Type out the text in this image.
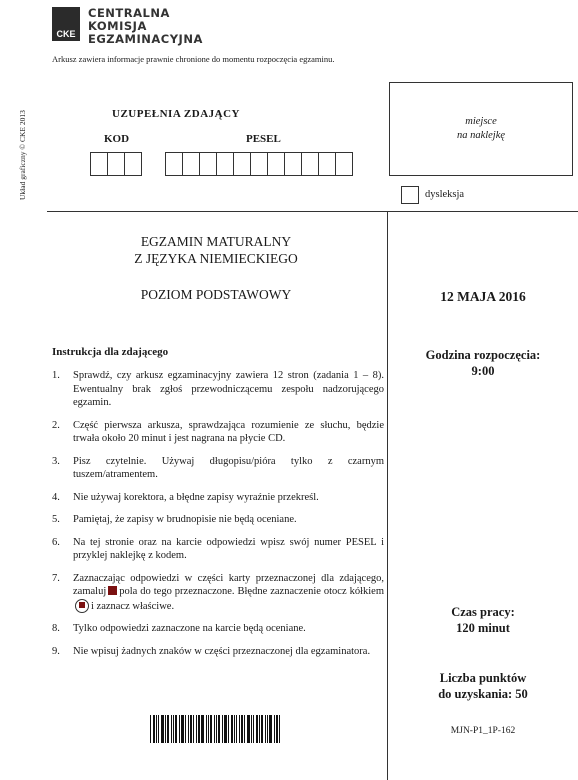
CKE
CENTRALNA
KOMISJA
EGZAMINACYJNA
Arkusz zawiera informacje prawnie chronione do momentu rozpoczęcia egzaminu.
Układ graficzny © CKE 2013	UZUPEŁNIA ZDAJĄCY
KOD	PESEL
miejsce
na naklejkę
dysleksja
EGZAMIN MATURALNY
Z JĘZYKA NIEMIECKIEGO
POZIOM PODSTAWOWY	12 MAJA 2016
Instrukcja dla zdającego
1.	Sprawdź, czy arkusz egzaminacyjny zawiera 12 stron (zadania 1 – 8). Ewentualny brak zgłoś przewodniczącemu zespołu nadzorującego egzamin.
2.	Część pierwsza arkusza, sprawdzająca rozumienie ze słuchu, będzie trwała około 20 minut i jest nagrana na płycie CD.
3.	Pisz czytelnie. Używaj długopisu/pióra tylko z czarnym tuszem/atramentem.
4.	Nie używaj korektora, a błędne zapisy wyraźnie przekreśl.
5.	Pamiętaj, że zapisy w brudnopisie nie będą oceniane.
6.	Na tej stronie oraz na karcie odpowiedzi wpisz swój numer PESEL i przyklej naklejkę z kodem.
7.	Zaznaczając odpowiedzi w części karty przeznaczonej dla zdającego, zamaluj pola do tego przeznaczone. Błędne zaznaczenie otocz kółkiemi zaznacz właściwe.
8.	Tylko odpowiedzi zaznaczone na karcie będą oceniane.
9.	Nie wpisuj żadnych znaków w części przeznaczonej dla egzaminatora.
Godzina rozpoczęcia:
9:00
Czas pracy:
120 minut
Liczba punktów
do uzyskania: 50
MJN-P1_1P-162
